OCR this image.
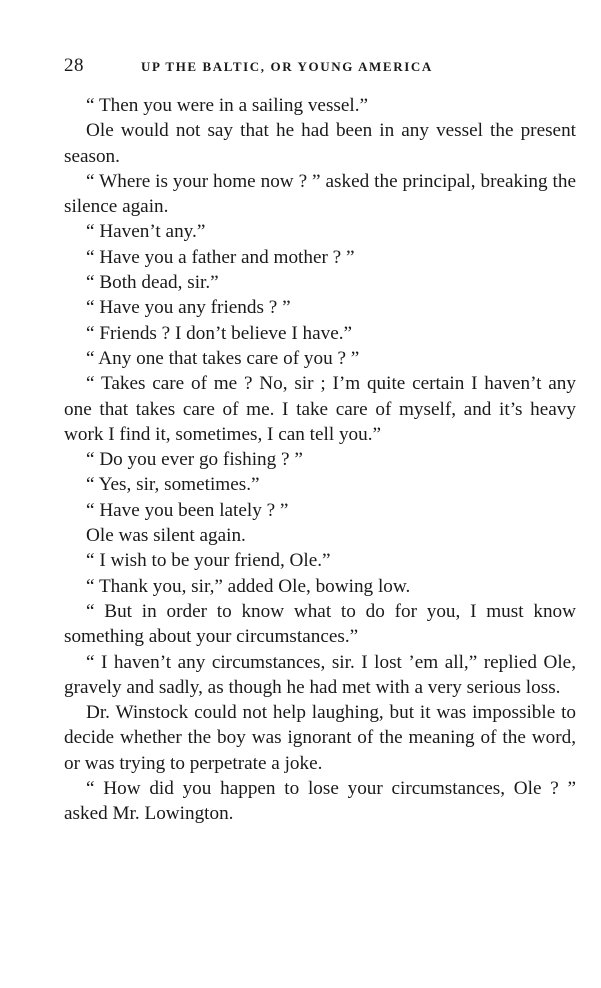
28	UP THE BALTIC, OR YOUNG AMERICA

“ Then you were in a sailing vessel.”

Ole would not say that he had been in any vessel the present season.

“ Where is your home now ? ” asked the principal, breaking the silence again.

“ Haven’t any.”

“ Have you a father and mother ? ”

“ Both dead, sir.”

“ Have you any friends ? ”

“ Friends ? I don’t believe I have.”

“ Any one that takes care of you ? ”

“ Takes care of me ? No, sir ; I’m quite certain I haven’t any one that takes care of me. I take care of myself, and it’s heavy work I find it, sometimes, I can tell you.”

“ Do you ever go fishing ? ”

“ Yes, sir, sometimes.”

“ Have you been lately ? ”

Ole was silent again.

“ I wish to be your friend, Ole.”

“ Thank you, sir,” added Ole, bowing low.

“ But in order to know what to do for you, I must know something about your circumstances.”

“ I haven’t any circumstances, sir. I lost ’em all,” replied Ole, gravely and sadly, as though he had met with a very serious loss.

Dr. Winstock could not help laughing, but it was impossible to decide whether the boy was ignorant of the meaning of the word, or was trying to perpetrate a joke.

“ How did you happen to lose your circumstances, Ole ? ” asked Mr. Lowington.
